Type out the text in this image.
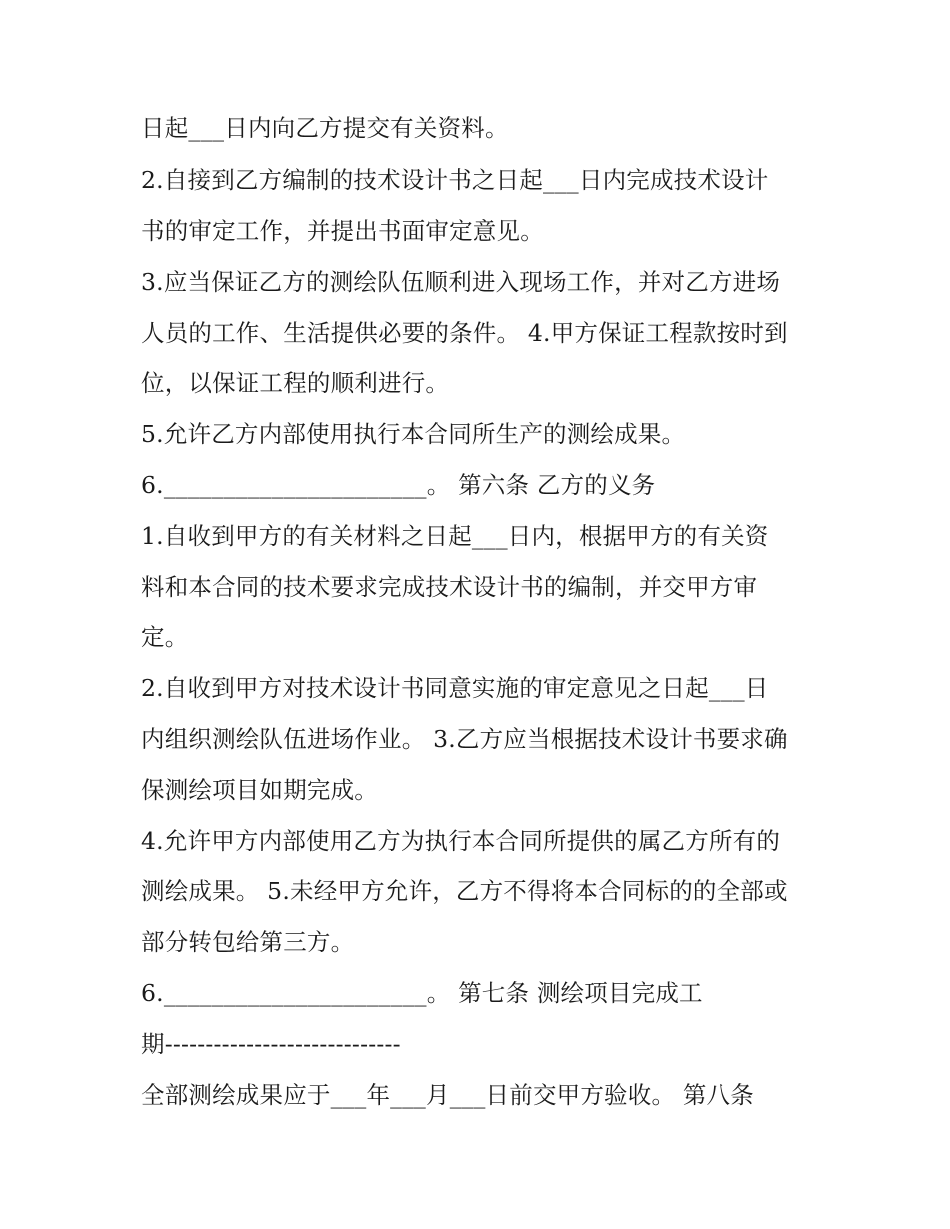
日起___日内向乙方提交有关资料。
2.自接到乙方编制的技术设计书之日起___日内完成技术设计
书的审定工作，并提出书面审定意见。
3.应当保证乙方的测绘队伍顺利进入现场工作，并对乙方进场
人员的工作、生活提供必要的条件。 4.甲方保证工程款按时到
位，以保证工程的顺利进行。
5.允许乙方内部使用执行本合同所生产的测绘成果。
6.______________________。 第六条 乙方的义务
1.自收到甲方的有关材料之日起___日内，根据甲方的有关资
料和本合同的技术要求完成技术设计书的编制，并交甲方审
定。
2.自收到甲方对技术设计书同意实施的审定意见之日起___日
内组织测绘队伍进场作业。 3.乙方应当根据技术设计书要求确
保测绘项目如期完成。
4.允许甲方内部使用乙方为执行本合同所提供的属乙方所有的
测绘成果。 5.未经甲方允许，乙方不得将本合同标的的全部或
部分转包给第三方。
6.______________________。 第七条 测绘项目完成工
期-----------------------------
全部测绘成果应于___年___月___日前交甲方验收。 第八条
